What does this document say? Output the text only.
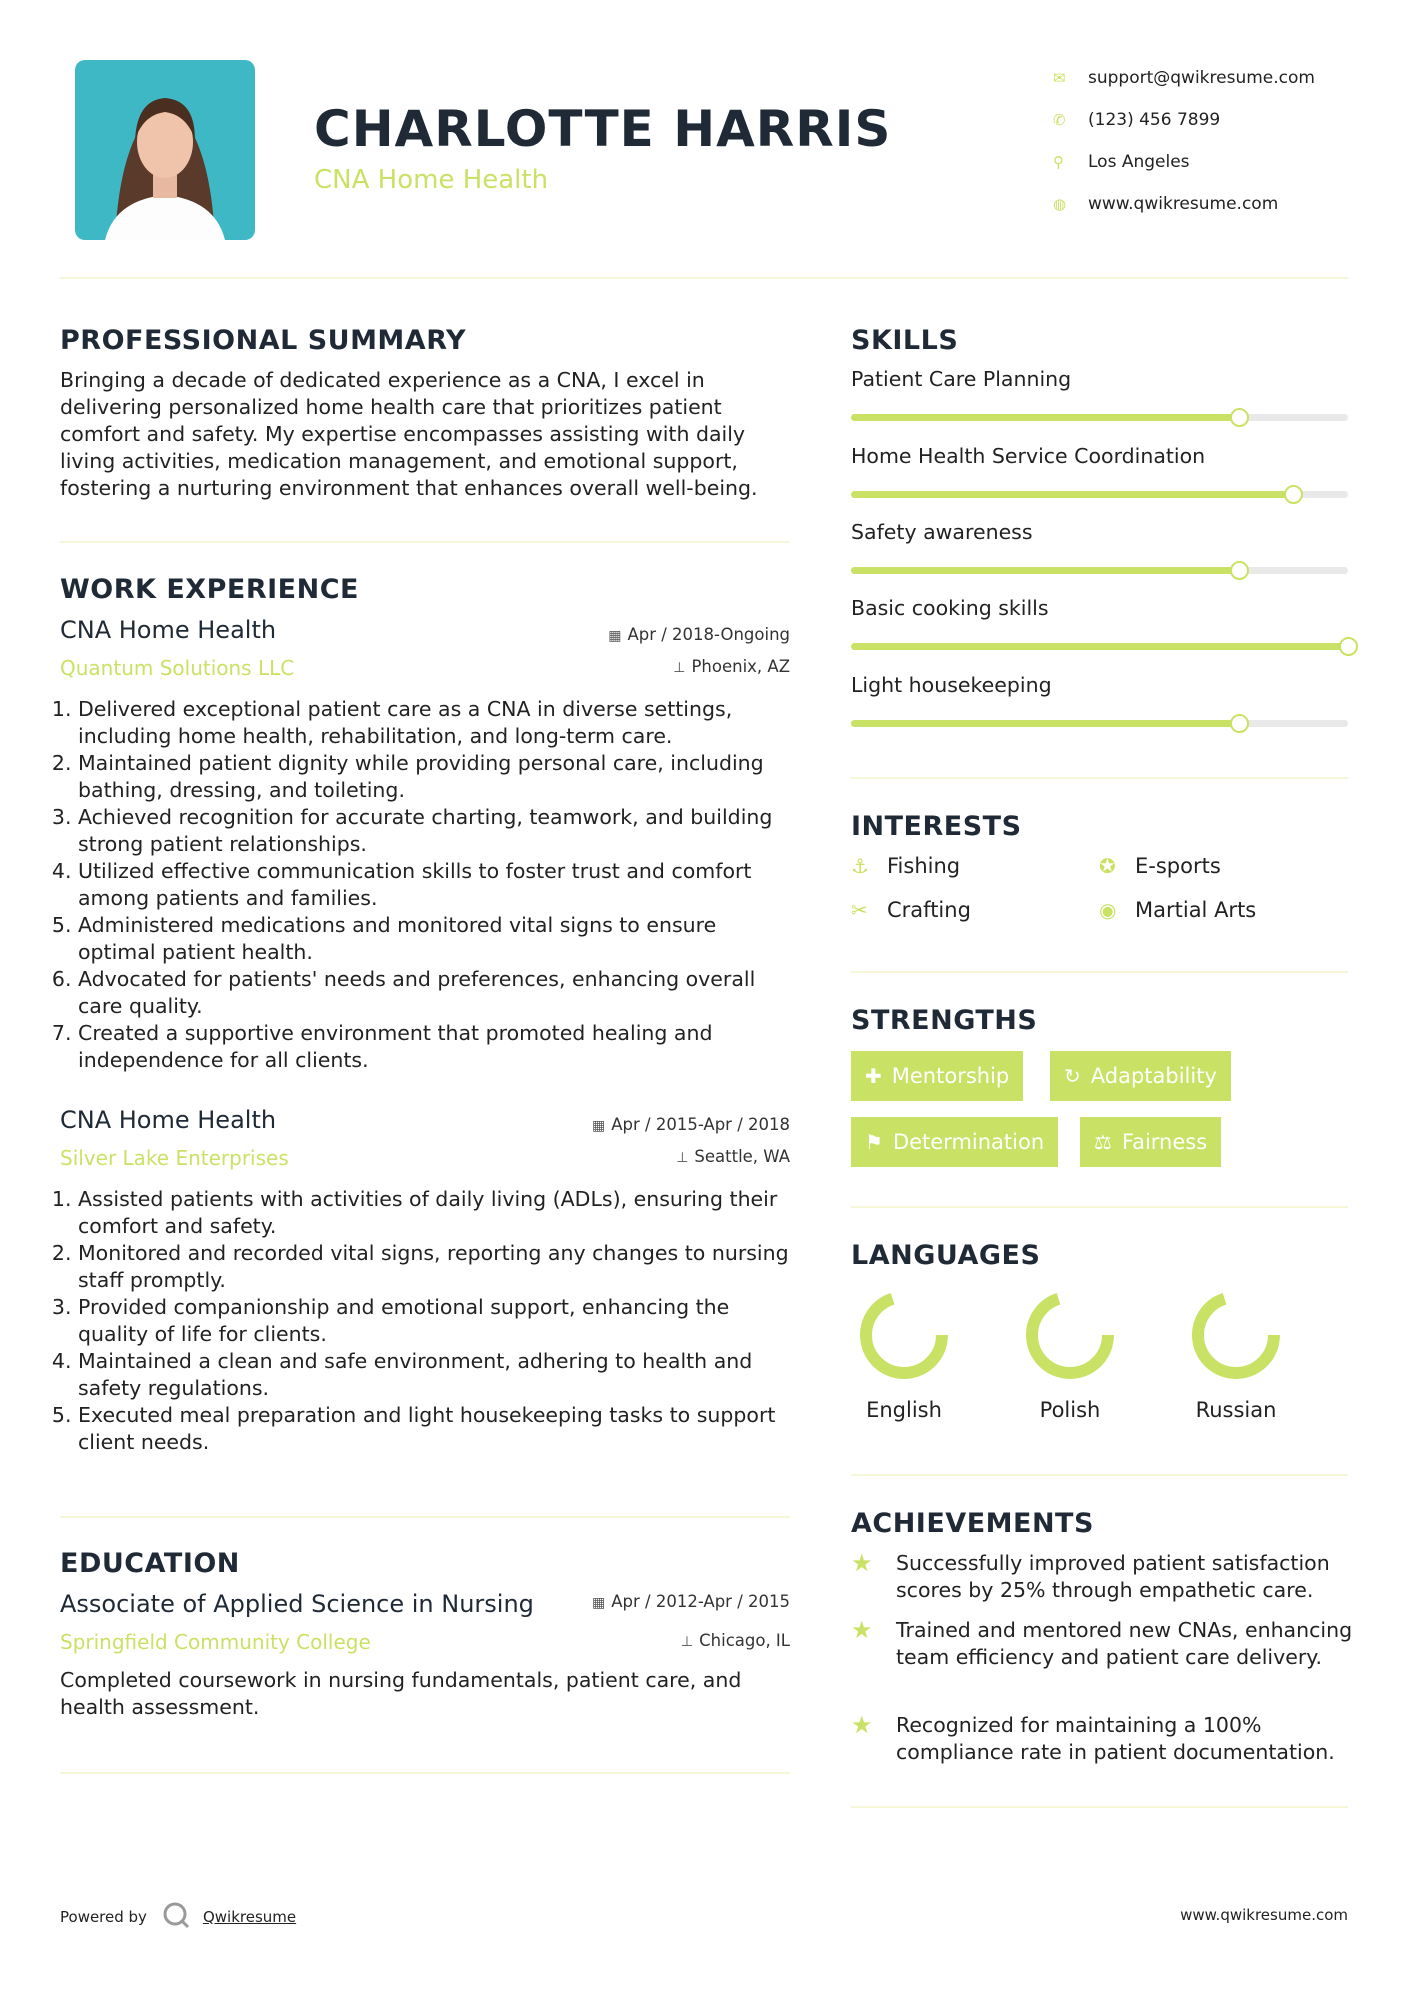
CHARLOTTE HARRIS
CNA Home Health
✉	support@qwikresume.com
✆	(123) 456 7899
⚲	Los Angeles
◍	www.qwikresume.com
PROFESSIONAL SUMMARY
Bringing a decade of dedicated experience as a CNA, I excel in delivering personalized home health care that prioritizes patient comfort and safety. My expertise encompasses assisting with daily living activities, medication management, and emotional support, fostering a nurturing environment that enhances overall well-being.
WORK EXPERIENCE
CNA Home Health	▦ Apr / 2018-Ongoing
Quantum Solutions LLC	⊥ Phoenix, AZ
1. Delivered exceptional patient care as a CNA in diverse settings, including home health, rehabilitation, and long-term care.
2. Maintained patient dignity while providing personal care, including bathing, dressing, and toileting.
3. Achieved recognition for accurate charting, teamwork, and building strong patient relationships.
4. Utilized effective communication skills to foster trust and comfort among patients and families.
5. Administered medications and monitored vital signs to ensure optimal patient health.
6. Advocated for patients' needs and preferences, enhancing overall care quality.
7. Created a supportive environment that promoted healing and independence for all clients.
CNA Home Health	▦ Apr / 2015-Apr / 2018
Silver Lake Enterprises	⊥ Seattle, WA
1. Assisted patients with activities of daily living (ADLs), ensuring their comfort and safety.
2. Monitored and recorded vital signs, reporting any changes to nursing staff promptly.
3. Provided companionship and emotional support, enhancing the quality of life for clients.
4. Maintained a clean and safe environment, adhering to health and safety regulations.
5. Executed meal preparation and light housekeeping tasks to support client needs.
EDUCATION
Associate of Applied Science in Nursing	▦ Apr / 2012-Apr / 2015
Springfield Community College	⊥ Chicago, IL
Completed coursework in nursing fundamentals, patient care, and health assessment.
SKILLS
Patient Care Planning
Home Health Service Coordination
Safety awareness
Basic cooking skills
Light housekeeping
INTERESTS
⚓ Fishing	✪ E-sports
✂ Crafting	◉ Martial Arts
STRENGTHS
✚ Mentorship	↻ Adaptability
⚑ Determination ⚖ Fairness
LANGUAGES
English	Polish	Russian
ACHIEVEMENTS
★	Successfully improved patient satisfaction scores by 25% through empathetic care.
★	Trained and mentored new CNAs, enhancing team efficiency and patient care delivery.
★	Recognized for maintaining a 100% compliance rate in patient documentation.
Powered by	Qwikresume	www.qwikresume.com
